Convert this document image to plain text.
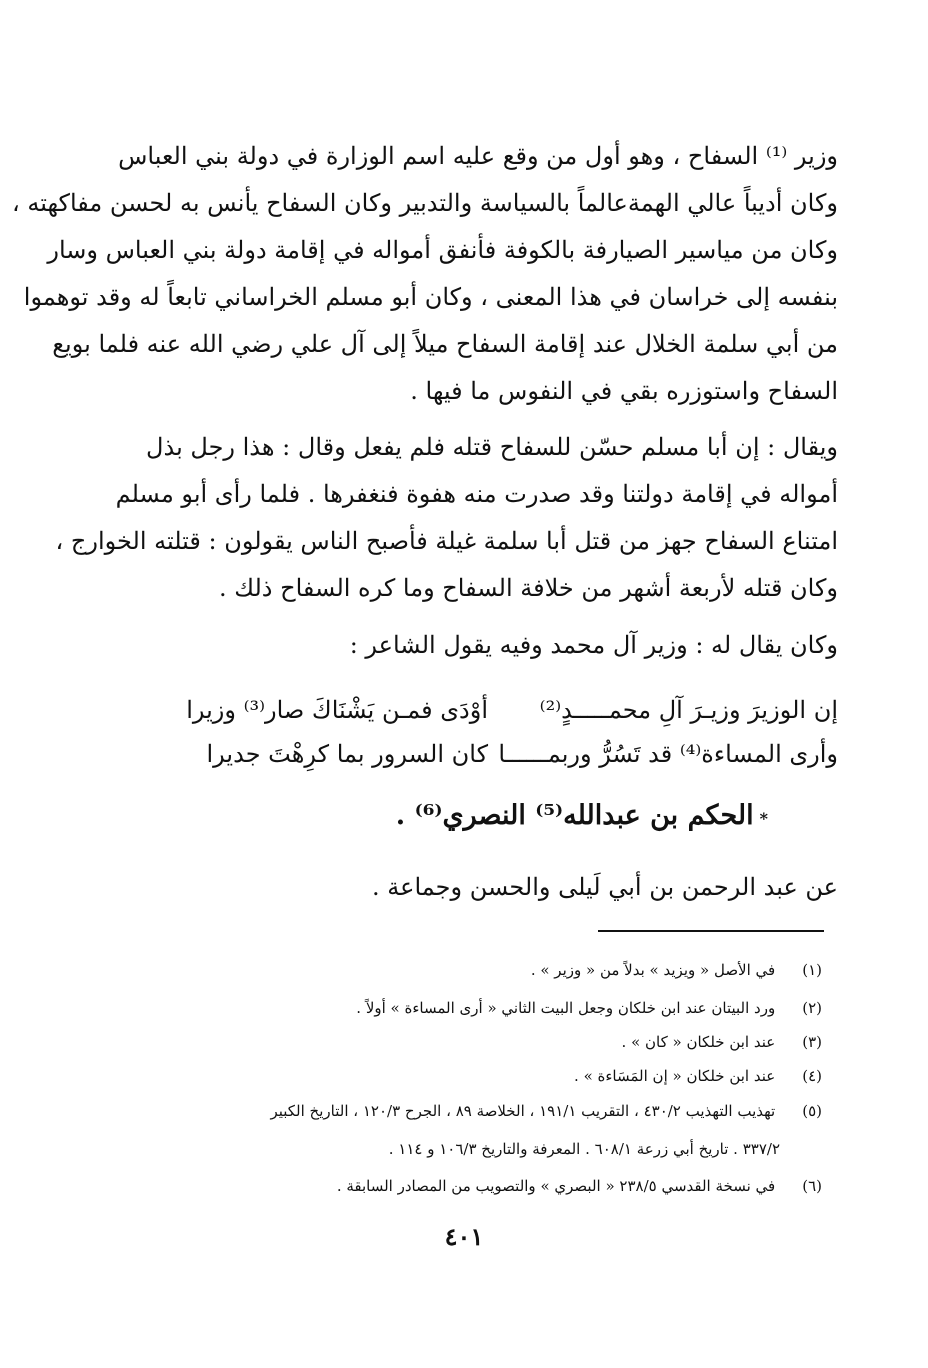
وزير ⁽¹⁾ السفاح ، وهو أول من وقع عليه اسم الوزارة في دولة بني العباس
وكان أديباً عالي الهمةعالماً بالسياسة والتدبير وكان السفاح يأنس به لحسن مفاكهته ،
وكان من مياسير الصيارفة بالكوفة فأنفق أمواله في إقامة دولة بني العباس وسار
بنفسه إلى خراسان في هذا المعنى ، وكان أبو مسلم الخراساني تابعاً له وقد توهموا
من أبي سلمة الخلال عند إقامة السفاح ميلاً إلى آل علي رضي الله عنه فلما بويع
السفاح واستوزره بقي في النفوس ما فيها .
ويقال : إن أبا مسلم حسّن للسفاح قتله فلم يفعل وقال : هذا رجل بذل
أمواله في إقامة دولتنا وقد صدرت منه هفوة فنغفرها . فلما رأى أبو مسلم
امتناع السفاح جهز من قتل أبا سلمة غيلة فأصبح الناس يقولون : قتلته الخوارج ،
وكان قتله لأربعة أشهر من خلافة السفاح وما كره السفاح ذلك .
وكان يقال له : وزير آل محمد وفيه يقول الشاعر :
إن الوزيرَ وزيـرَ آلِ محمـــــدٍ⁽²⁾
أوْدَى فمـن يَشْنَاكَ صار⁽³⁾ وزيرا
وأرى المساءة⁽⁴⁾ قد تَسُرُّ وربمــــــا
كان السرور بما كرِهْتَ جديرا
*الحكم بن عبدالله⁽⁵⁾ النصري⁽⁶⁾ .
عن عبد الرحمن بن أبي لَيلى والحسن وجماعة .
(١) في الأصل « ويزيد » بدلاً من « وزير » .
(٢) ورد البيتان عند ابن خلكان وجعل البيت الثاني « أرى المساءة » أولاً .
(٣) عند ابن خلكان « كان » .
(٤) عند ابن خلكان « إن المَسَاءة » .
(٥) تهذيب التهذيب ٤٣٠/٢ ، التقريب ١٩١/١ ، الخلاصة ٨٩ ، الجرح ١٢٠/٣ ، التاريخ الكبير
٣٣٧/٢ . تاريخ أبي زرعة ٦٠٨/١ . المعرفة والتاريخ ١٠٦/٣ و ١١٤ .
(٦) في نسخة القدسي ٢٣٨/٥ « البصري » والتصويب من المصادر السابقة .
٤٠١
